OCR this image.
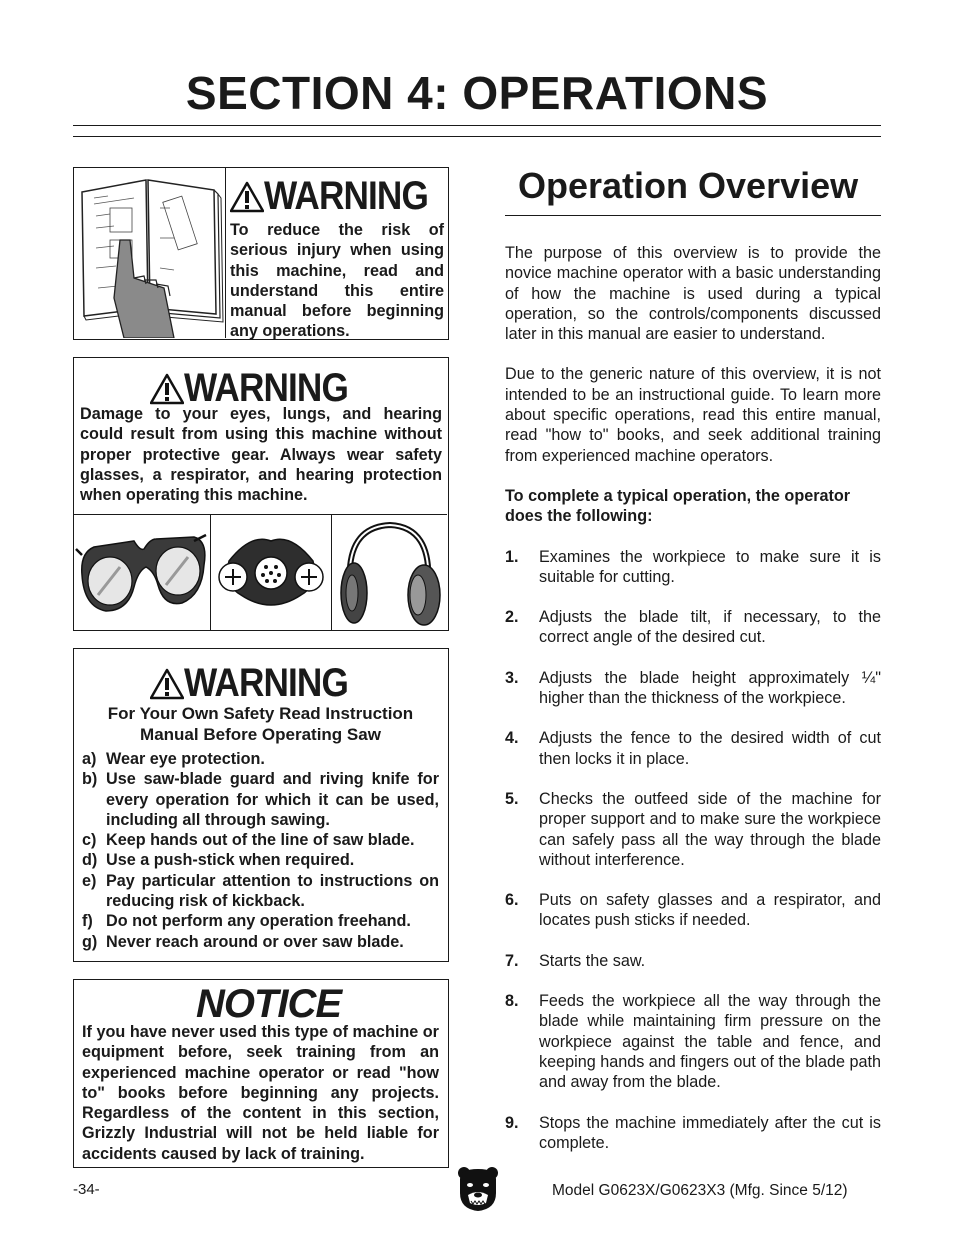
SECTION 4: OPERATIONS
WARNING
To reduce the risk of serious injury when using this machine, read and understand this entire manual before beginning any operations.
WARNING
Damage to your eyes, lungs, and hearing could result from using this machine without proper protective gear. Always wear safety glasses, a respirator, and hearing protection when operating this machine.
WARNING
For Your Own Safety Read Instruction
Manual Before Operating Saw
a) Wear eye protection.
b) Use saw-blade guard and riving knife for every operation for which it can be used, including all through sawing.
c) Keep hands out of the line of saw blade.
d) Use a push-stick when required.
e) Pay particular attention to instructions on reducing risk of kickback.
f) Do not perform any operation freehand.
g) Never reach around or over saw blade.
NOTICE
If you have never used this type of machine or equipment before, seek training from an experienced machine operator or read "how to" books before beginning any projects. Regardless of the content in this section, Grizzly Industrial will not be held liable for accidents caused by lack of training.
Operation Overview

The purpose of this overview is to provide the novice machine operator with a basic understanding of how the machine is used during a typical operation, so the controls/components discussed later in this manual are easier to understand.

Due to the generic nature of this overview, it is not intended to be an instructional guide. To learn more about specific operations, read this entire manual, read "how to" books, and seek additional training from experienced machine operators.

To complete a typical operation, the operator does the following:

1.	Examines the workpiece to make sure it is suitable for cutting.
2.	Adjusts the blade tilt, if necessary, to the correct angle of the desired cut.
3.	Adjusts the blade height approximately ¼" higher than the thickness of the workpiece.
4.	Adjusts the fence to the desired width of cut then locks it in place.
5.	Checks the outfeed side of the machine for proper support and to make sure the workpiece can safely pass all the way through the blade without interference.
6.	Puts on safety glasses and a respirator, and locates push sticks if needed.
7.	Starts the saw.
8.	Feeds the workpiece all the way through the blade while maintaining firm pressure on the workpiece against the table and fence, and keeping hands and fingers out of the blade path and away from the blade.
9.	Stops the machine immediately after the cut is complete.
-34-	Model G0623X/G0623X3 (Mfg. Since 5/12)
